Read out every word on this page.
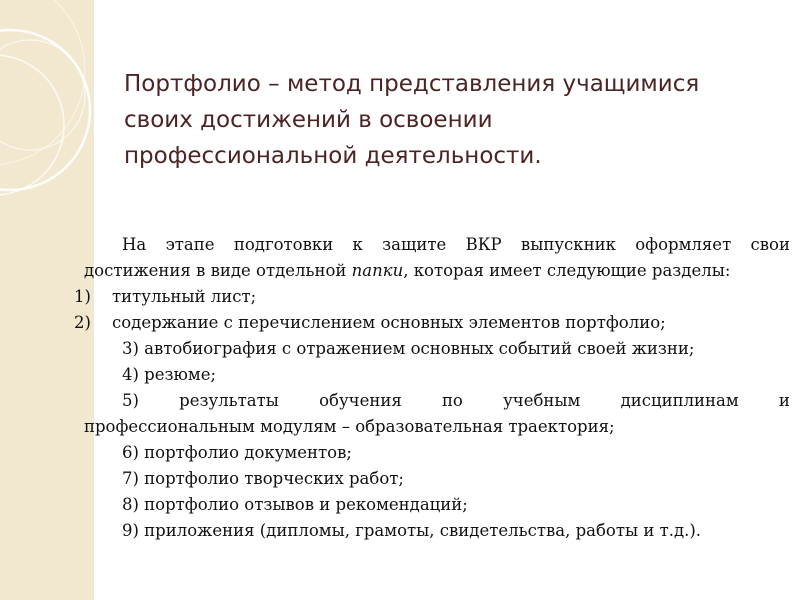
Портфолио – метод представления учащимися
своих достижений в освоении
профессиональной деятельности.
На этапе подготовки к защите ВКР выпускник оформляет свои
достижения в виде отдельной папки, которая имеет следующие разделы:
1) титульный лист;
2) содержание с перечислением основных элементов портфолио;
3) автобиография с отражением основных событий своей жизни;
4) резюме;
5) результаты обучения по учебным дисциплинам и
профессиональным модулям – образовательная траектория;
6) портфолио документов;
7) портфолио творческих работ;
8) портфолио отзывов и рекомендаций;
9) приложения (дипломы, грамоты, свидетельства, работы и т.д.).
